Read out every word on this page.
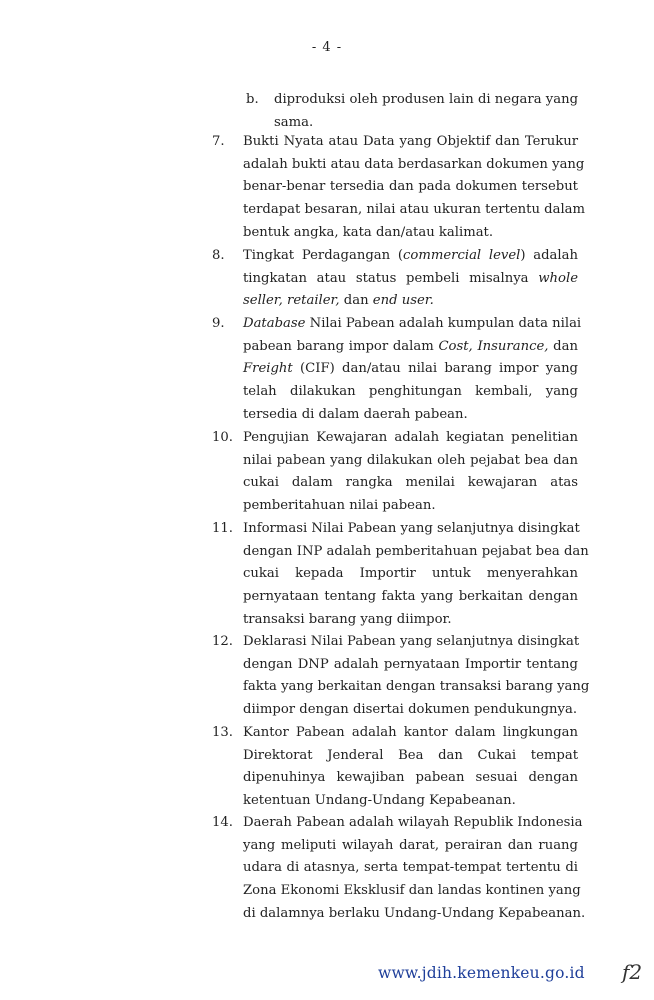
- 4 -
b. diproduksi oleh produsen lain di negara yang
sama.
7.	Bukti Nyata atau Data yang Objektif dan Terukur
adalah bukti atau data berdasarkan dokumen yang
benar-benar tersedia dan pada dokumen tersebut
terdapat besaran, nilai atau ukuran tertentu dalam
bentuk angka, kata dan/atau kalimat.
8.	Tingkat Perdagangan (commercial level) adalah
tingkatan atau status pembeli misalnya whole
seller, retailer, dan end user.
9.	Database Nilai Pabean adalah kumpulan data nilai
pabean barang impor dalam Cost, Insurance, dan
Freight (CIF) dan/atau nilai barang impor yang
telah dilakukan penghitungan kembali, yang
tersedia di dalam daerah pabean.
10. Pengujian Kewajaran adalah kegiatan penelitian
nilai pabean yang dilakukan oleh pejabat bea dan
cukai dalam rangka menilai kewajaran atas
pemberitahuan nilai pabean.
11. Informasi Nilai Pabean yang selanjutnya disingkat
dengan INP adalah pemberitahuan pejabat bea dan
cukai kepada Importir untuk menyerahkan
pernyataan tentang fakta yang berkaitan dengan
transaksi barang yang diimpor.
12. Deklarasi Nilai Pabean yang selanjutnya disingkat
dengan DNP adalah pernyataan Importir tentang
fakta yang berkaitan dengan transaksi barang yang
diimpor dengan disertai dokumen pendukungnya.
13. Kantor Pabean adalah kantor dalam lingkungan
Direktorat Jenderal Bea dan Cukai tempat
dipenuhinya kewajiban pabean sesuai dengan
ketentuan Undang-Undang Kepabeanan.
14. Daerah Pabean adalah wilayah Republik Indonesia
yang meliputi wilayah darat, perairan dan ruang
udara di atasnya, serta tempat-tempat tertentu di
Zona Ekonomi Eksklusif dan landas kontinen yang
di dalamnya berlaku Undang-Undang Kepabeanan.
www.jdih.kemenkeu.go.id f2
